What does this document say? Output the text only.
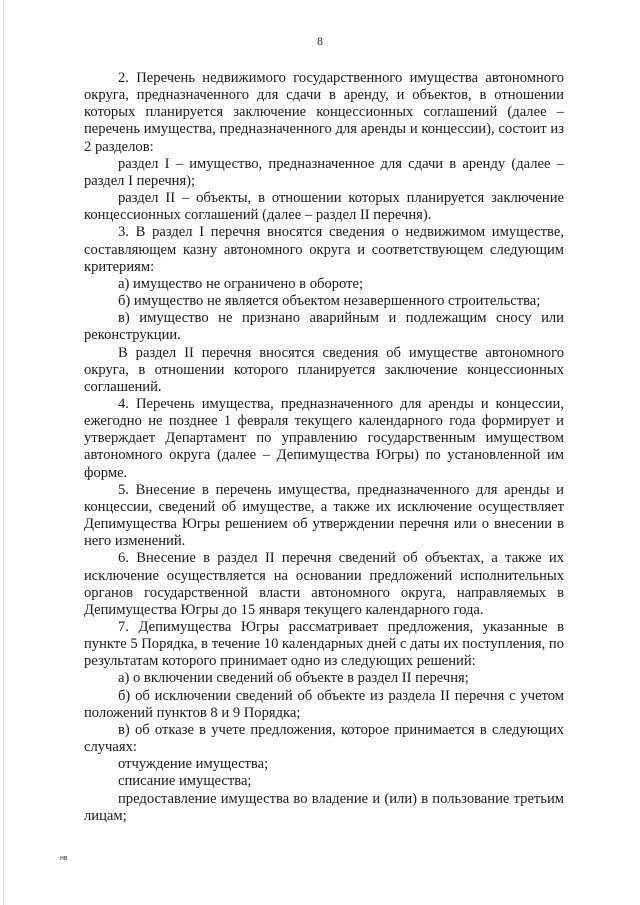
8

2. Перечень недвижимого государственного имущества автономного округа, предназначенного для сдачи в аренду, и объектов, в отношении которых планируется заключение концессионных соглашений (далее – перечень имущества, предназначенного для аренды и концессии), состоит из 2 разделов:

раздел I – имущество, предназначенное для сдачи в аренду (далее – раздел I перечня);

раздел II – объекты, в отношении которых планируется заключение концессионных соглашений (далее – раздел II перечня).

3. В раздел I перечня вносятся сведения о недвижимом имуществе, составляющем казну автономного округа и соответствующем следующим критериям:

а) имущество не ограничено в обороте;

б) имущество не является объектом незавершенного строительства;

в) имущество не признано аварийным и подлежащим сносу или реконструкции.

В раздел II перечня вносятся сведения об имуществе автономного округа, в отношении которого планируется заключение концессионных соглашений.

4. Перечень имущества, предназначенного для аренды и концессии, ежегодно не позднее 1 февраля текущего календарного года формирует и утверждает Департамент по управлению государственным имуществом автономного округа (далее – Депимущества Югры) по установленной им форме.

5. Внесение в перечень имущества, предназначенного для аренды и концессии, сведений об имуществе, а также их исключение осуществляет Депимущества Югры решением об утверждении перечня или о внесении в него изменений.

6. Внесение в раздел II перечня сведений об объектах, а также их исключение осуществляется на основании предложений исполнительных органов государственной власти автономного округа, направляемых в Депимущества Югры до 15 января текущего календарного года.

7. Депимущества Югры рассматривает предложения, указанные в пункте 5 Порядка, в течение 10 календарных дней с даты их поступления, по результатам которого принимает одно из следующих решений:

а) о включении сведений об объекте в раздел II перечня;

б) об исключении сведений об объекте из раздела II перечня с учетом положений пунктов 8 и 9 Порядка;

в) об отказе в учете предложения, которое принимается в следующих случаях:

отчуждение имущества;

списание имущества;

предоставление имущества во владение и (или) в пользование третьим лицам;

нв
